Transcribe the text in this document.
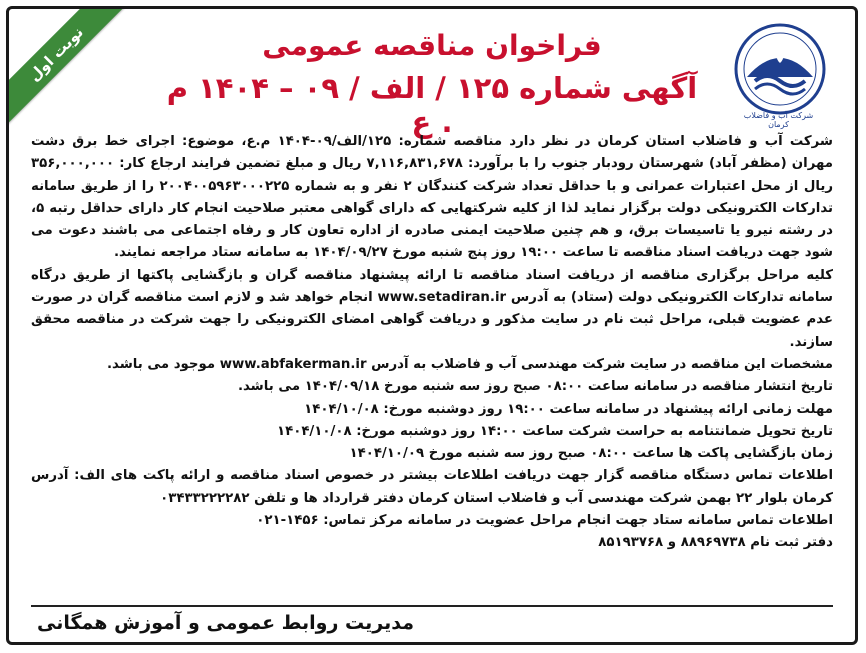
نوبت اول
شرکت آب و فاضلاب کرمان
فراخوان مناقصه عمومی
آگهی شماره ۱۲۵ / الف / ۰۹ – ۱۴۰۴ م . ع

شرکت آب و فاضلاب استان کرمان در نظر دارد مناقصه شماره: ۱۲۵/الف/۰۹-۱۴۰۴ م.ع، موضوع: اجرای خط برق دشت مهران (مظفر آباد) شهرستان رودبار جنوب را با برآورد: ۷,۱۱۶,۸۳۱,۶۷۸ ریال و مبلغ تضمین فرایند ارجاع کار: ۳۵۶,۰۰۰,۰۰۰ ریال از محل اعتبارات عمرانی و با حداقل تعداد شرکت کنندگان ۲ نفر و به شماره ۲۰۰۴۰۰۵۹۶۳۰۰۰۲۲۵ را از طریق سامانه تدارکات الکترونیکی دولت برگزار نماید لذا از کلیه شرکتهایی که دارای گواهی معتبر صلاحیت انجام کار دارای حداقل رتبه ۵، در رشته نیرو یا تاسیسات برق، و هم چنین صلاحیت ایمنی صادره از اداره تعاون کار و رفاه اجتماعی می باشند دعوت می شود جهت دریافت اسناد مناقصه تا ساعت ۱۹:۰۰ روز پنج شنبه مورخ ۱۴۰۴/۰۹/۲۷ به سامانه ستاد مراجعه نمایند.

کلیه مراحل برگزاری مناقصه از دریافت اسناد مناقصه تا ارائه پیشنهاد مناقصه گران و بازگشایی پاکتها از طریق درگاه سامانه تدارکات الکترونیکی دولت (ستاد) به آدرس www.setadiran.ir انجام خواهد شد و لازم است مناقصه گران در صورت عدم عضویت قبلی، مراحل ثبت نام در سایت مذکور و دریافت گواهی امضای الکترونیکی را جهت شرکت در مناقصه محقق سازند.

مشخصات این مناقصه در سایت شرکت مهندسی آب و فاضلاب به آدرس www.abfakerman.ir موجود می باشد.

تاریخ انتشار مناقصه در سامانه ساعت ۰۸:۰۰ صبح روز سه شنبه مورخ ۱۴۰۴/۰۹/۱۸ می باشد.

مهلت زمانی ارائه پیشنهاد در سامانه ساعت ۱۹:۰۰ روز دوشنبه مورخ: ۱۴۰۴/۱۰/۰۸

تاریخ تحویل ضمانتنامه به حراست شرکت ساعت ۱۴:۰۰ روز دوشنبه مورخ: ۱۴۰۴/۱۰/۰۸

زمان بازگشایی پاکت ها ساعت ۰۸:۰۰ صبح روز سه شنبه مورخ ۱۴۰۴/۱۰/۰۹

اطلاعات تماس دستگاه مناقصه گزار جهت دریافت اطلاعات بیشتر در خصوص اسناد مناقصه و ارائه پاکت های الف: آدرس کرمان بلوار ۲۲ بهمن شرکت مهندسی آب و فاضلاب استان کرمان دفتر قرارداد ها و تلفن ۰۳۴۳۳۲۲۲۲۸۲

اطلاعات تماس سامانه ستاد جهت انجام مراحل عضویت در سامانه مرکز تماس: ۱۴۵۶-۰۲۱

دفتر ثبت نام ۸۸۹۶۹۷۳۸ و ۸۵۱۹۳۷۶۸

مدیریت روابط عمومی و آموزش همگانی
